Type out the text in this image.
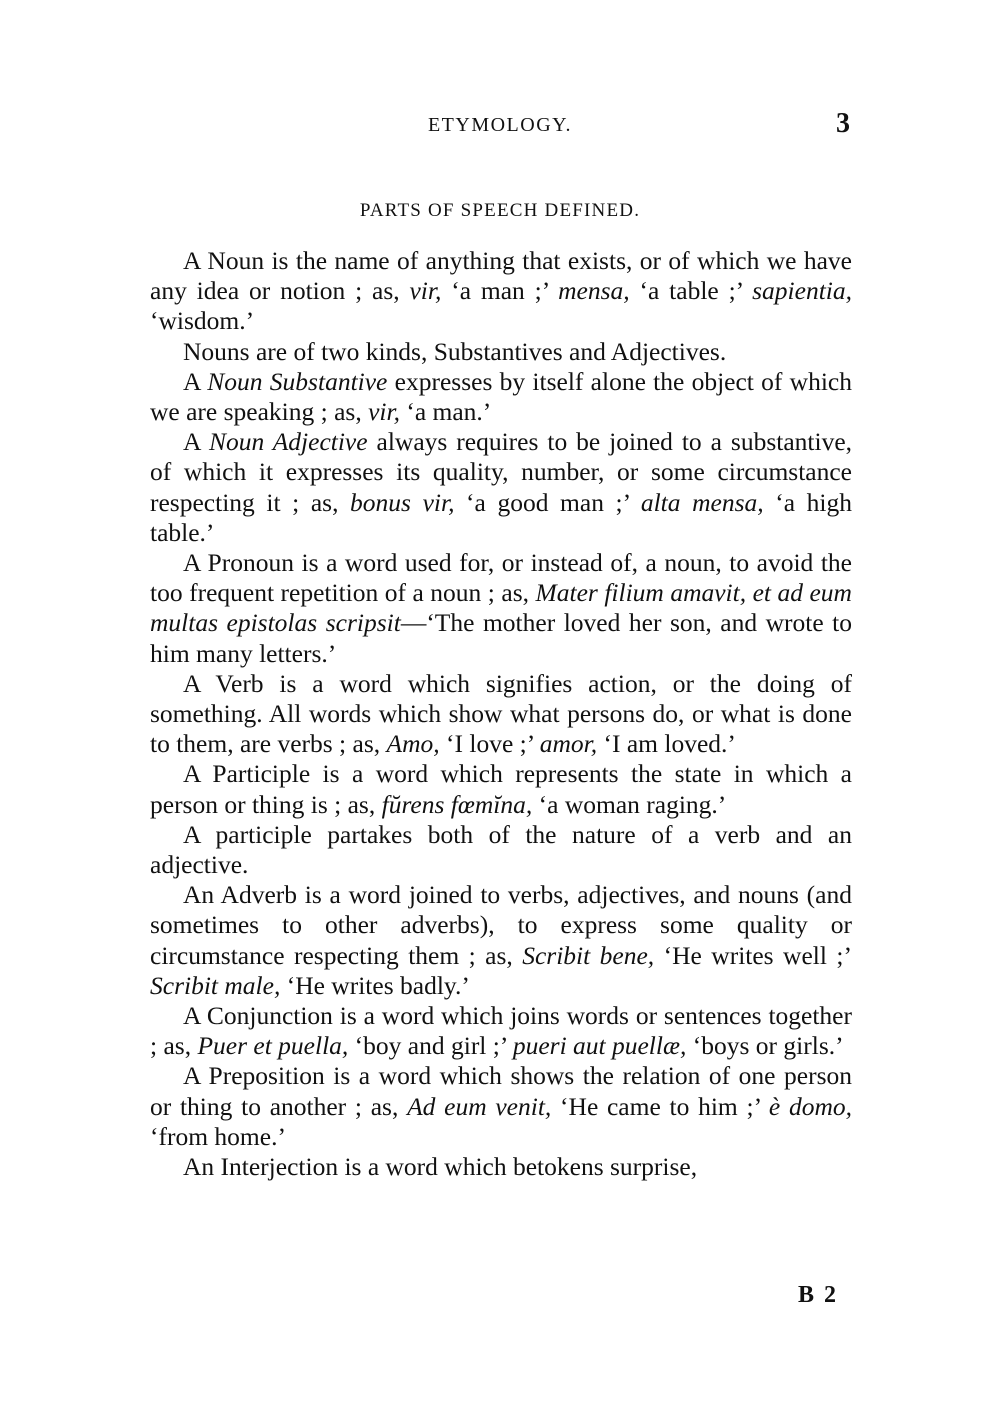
ETYMOLOGY.	3
PARTS OF SPEECH DEFINED.

A Noun is the name of anything that exists, or of which we have any idea or notion ; as, vir, ‘a man ;’ mensa, ‘a table ;’ sapientia, ‘wisdom.’

Nouns are of two kinds, Substantives and Adjectives.

A Noun Substantive expresses by itself alone the object of which we are speaking ; as, vir, ‘a man.’

A Noun Adjective always requires to be joined to a substantive, of which it expresses its quality, number, or some circumstance respecting it ; as, bonus vir, ‘a good man ;’ alta mensa, ‘a high table.’

A Pronoun is a word used for, or instead of, a noun, to avoid the too frequent repetition of a noun ; as, Mater filium amavit, et ad eum multas epistolas scripsit—‘The mother loved her son, and wrote to him many letters.’

A Verb is a word which signifies action, or the doing of something. All words which show what persons do, or what is done to them, are verbs ; as, Amo, ‘I love ;’ amor, ‘I am loved.’

A Participle is a word which represents the state in which a person or thing is ; as, fŭrens fœmĭna, ‘a woman raging.’

A participle partakes both of the nature of a verb and an adjective.

An Adverb is a word joined to verbs, adjectives, and nouns (and sometimes to other adverbs), to express some quality or circumstance respecting them ; as, Scribit bene, ‘He writes well ;’ Scribit male, ‘He writes badly.’

A Conjunction is a word which joins words or sentences together ; as, Puer et puella, ‘boy and girl ;’ pueri aut puellæ, ‘boys or girls.’

A Preposition is a word which shows the relation of one person or thing to another ; as, Ad eum venit, ‘He came to him ;’ è domo, ‘from home.’

An Interjection is a word which betokens surprise,

B 2
